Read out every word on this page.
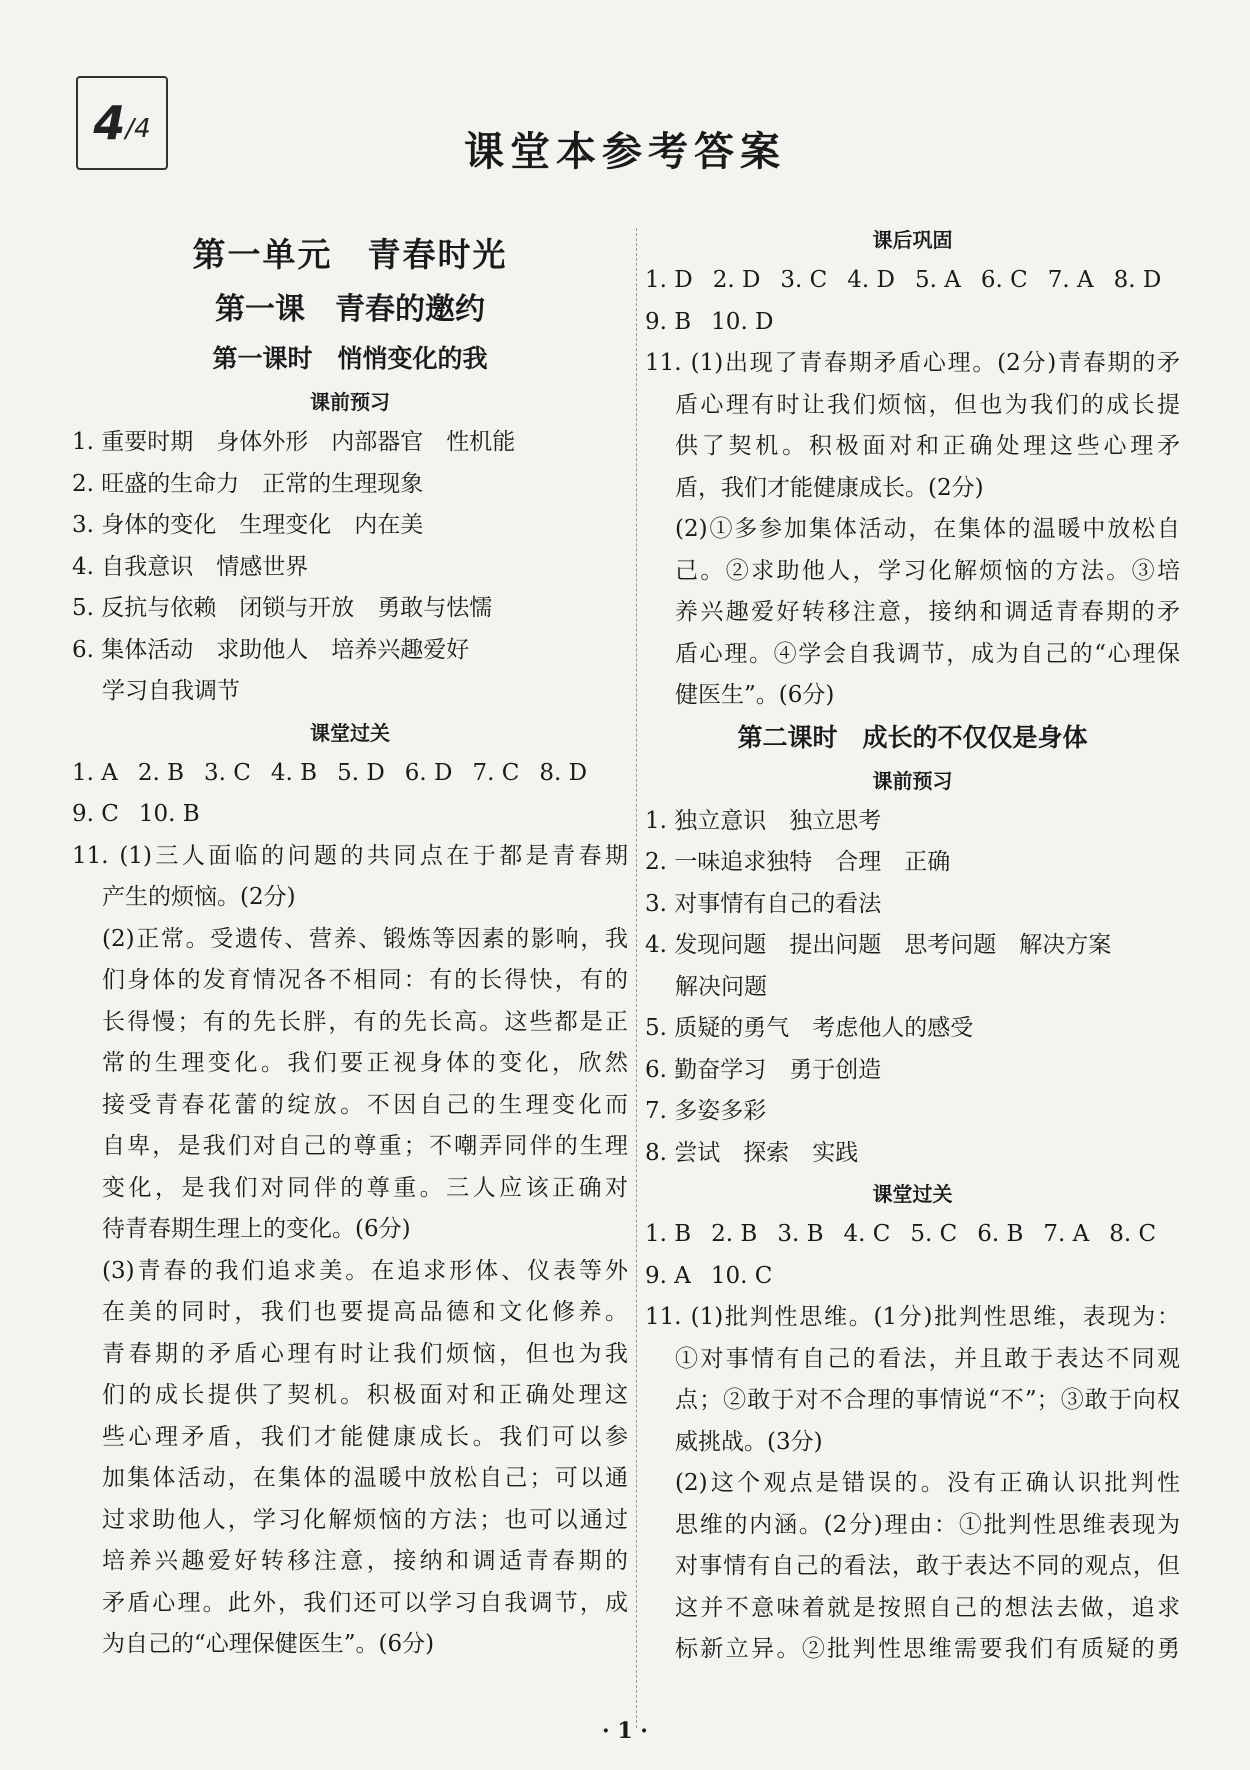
4 /4	课堂本参考答案
第一单元　青春时光
第一课　青春的邀约
第一课时　悄悄变化的我
课前预习
1. 重要时期　身体外形　内部器官　性机能
2. 旺盛的生命力　正常的生理现象
3. 身体的变化　生理变化　内在美
4. 自我意识　情感世界
5. 反抗与依赖　闭锁与开放　勇敢与怯懦
6. 集体活动　求助他人　培养兴趣爱好
学习自我调节
课堂过关
1. A 2. B 3. C 4. B 5. D 6. D 7. C 8. D
9. C 10. B
11. (1)三人面临的问题的共同点在于都是青春期
产生的烦恼。(2分)
(2)正常。受遗传、营养、锻炼等因素的影响，我
们身体的发育情况各不相同：有的长得快，有的
长得慢；有的先长胖，有的先长高。这些都是正
常的生理变化。我们要正视身体的变化，欣然
接受青春花蕾的绽放。不因自己的生理变化而
自卑，是我们对自己的尊重；不嘲弄同伴的生理
变化，是我们对同伴的尊重。三人应该正确对
待青春期生理上的变化。(6分)
(3)青春的我们追求美。在追求形体、仪表等外
在美的同时，我们也要提高品德和文化修养。
青春期的矛盾心理有时让我们烦恼，但也为我
们的成长提供了契机。积极面对和正确处理这
些心理矛盾，我们才能健康成长。我们可以参
加集体活动，在集体的温暖中放松自己；可以通
过求助他人，学习化解烦恼的方法；也可以通过
培养兴趣爱好转移注意，接纳和调适青春期的
矛盾心理。此外，我们还可以学习自我调节，成
为自己的“心理保健医生”。(6分)
课后巩固
1. D 2. D 3. C 4. D 5. A 6. C 7. A 8. D
9. B 10. D
11. (1)出现了青春期矛盾心理。(2分)青春期的矛
盾心理有时让我们烦恼，但也为我们的成长提
供了契机。积极面对和正确处理这些心理矛
盾，我们才能健康成长。(2分)
(2)①多参加集体活动，在集体的温暖中放松自
己。②求助他人，学习化解烦恼的方法。③培
养兴趣爱好转移注意，接纳和调适青春期的矛
盾心理。④学会自我调节，成为自己的“心理保
健医生”。(6分)
第二课时　成长的不仅仅是身体
课前预习
1. 独立意识　独立思考
2. 一味追求独特　合理　正确
3. 对事情有自己的看法
4. 发现问题　提出问题　思考问题　解决方案
解决问题
5. 质疑的勇气　考虑他人的感受
6. 勤奋学习　勇于创造
7. 多姿多彩
8. 尝试　探索　实践
课堂过关
1. B 2. B 3. B 4. C 5. C 6. B 7. A 8. C
9. A 10. C
11. (1)批判性思维。(1分)批判性思维，表现为：
①对事情有自己的看法，并且敢于表达不同观
点；②敢于对不合理的事情说“不”；③敢于向权
威挑战。(3分)
(2)这个观点是错误的。没有正确认识批判性
思维的内涵。(2分)理由：①批判性思维表现为
对事情有自己的看法，敢于表达不同的观点，但
这并不意味着就是按照自己的想法去做，追求
标新立异。②批判性思维需要我们有质疑的勇
· 1 ·
